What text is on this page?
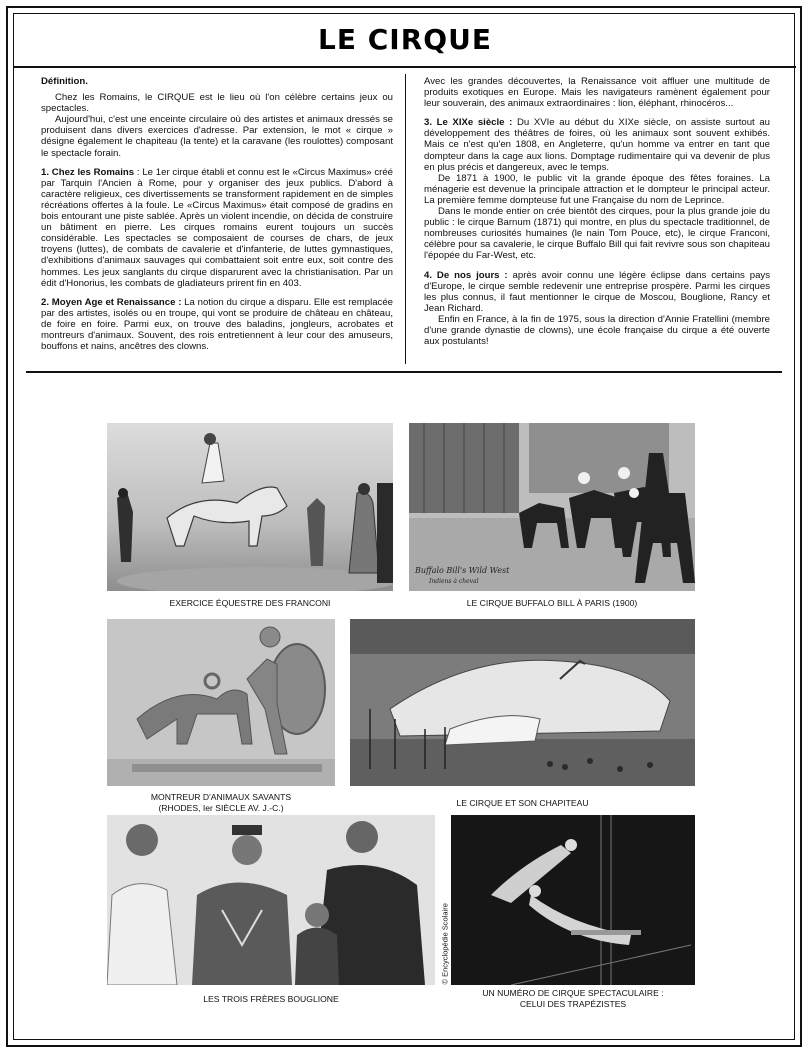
LE CIRQUE

Définition.

Chez les Romains, le CIRQUE est le lieu où l'on célèbre certains jeux ou spectacles.

Aujourd'hui, c'est une enceinte circulaire où des artistes et animaux dressés se produisent dans divers exercices d'adresse. Par extension, le mot « cirque » désigne également le chapiteau (la tente) et la caravane (les roulottes) composant le spectacle forain.

1. Chez les Romains : Le 1er cirque établi et connu est le «Circus Maximus» créé par Tarquin l'Ancien à Rome, pour y organiser des jeux publics. D'abord à caractère religieux, ces divertissements se transforment rapidement en de simples récréations offertes à la foule. Le «Circus Maximus» était composé de gradins en bois entourant une piste sablée. Après un violent incendie, on décida de construire un bâtiment en pierre. Les cirques romains eurent toujours un succès considérable. Les spectacles se composaient de courses de chars, de jeux troyens (luttes), de combats de cavalerie et d'infanterie, de luttes gymnastiques, d'exhibitions d'animaux sauvages qui combattaient soit entre eux, soit contre des hommes. Les jeux sanglants du cirque disparurent avec la christianisation. Par un édit d'Honorius, les combats de gladiateurs prirent fin en 403.

2. Moyen Age et Renaissance : La notion du cirque a disparu. Elle est remplacée par des artistes, isolés ou en troupe, qui vont se produire de château en château, de foire en foire. Parmi eux, on trouve des baladins, jongleurs, acrobates et montreurs d'animaux. Souvent, des rois entretiennent à leur cour des amuseurs, bouffons et nains, ancêtres des clowns.

Avec les grandes découvertes, la Renaissance voit affluer une multitude de produits exotiques en Europe. Mais les navigateurs ramènent également pour leur souverain, des animaux extraordinaires : lion, éléphant, rhinocéros...

3. Le XIXe siècle : Du XVIe au début du XIXe siècle, on assiste surtout au développement des théâtres de foires, où les animaux sont souvent exhibés. Mais ce n'est qu'en 1808, en Angleterre, qu'un homme va entrer en tant que dompteur dans la cage aux lions. Domptage rudimentaire qui va devenir de plus en plus précis et dangereux, avec le temps.

De 1871 à 1900, le public vit la grande époque des fêtes foraines. La ménagerie est devenue la principale attraction et le dompteur le principal acteur. La première femme dompteuse fut une Française du nom de Leprince.

Dans le monde entier on crée bientôt des cirques, pour la plus grande joie du public : le cirque Barnum (1871) qui montre, en plus du spectacle traditionnel, de nombreuses curiosités humaines (le nain Tom Pouce, etc), le cirque Franconi, célèbre pour sa cavalerie, le cirque Buffalo Bill qui fait revivre sous son chapiteau l'épopée du Far-West, etc.

4. De nos jours : après avoir connu une légère éclipse dans certains pays d'Europe, le cirque semble redevenir une entreprise prospère. Parmi les cirques les plus connus, il faut mentionner le cirque de Moscou, Bouglione, Rancy et Jean Richard.

Enfin en France, à la fin de 1975, sous la direction d'Annie Fratellini (membre d'une grande dynastie de clowns), une école française du cirque a été ouverte aux postulants!

EXERCICE ÉQUESTRE DES FRANCONI
Buffalo Bill's Wild West
Indiens à cheval
LE CIRQUE BUFFALO BILL À PARIS (1900)
MONTREUR D'ANIMAUX SAVANTS
(RHODES, Ier SIÈCLE AV. J.-C.)	LE CIRQUE ET SON CHAPITEAU
© Encyclopédie Scolaire
LES TROIS FRÈRES BOUGLIONE
UN NUMÉRO DE CIRQUE SPECTACULAIRE :
CELUI DES TRAPÉZISTES
